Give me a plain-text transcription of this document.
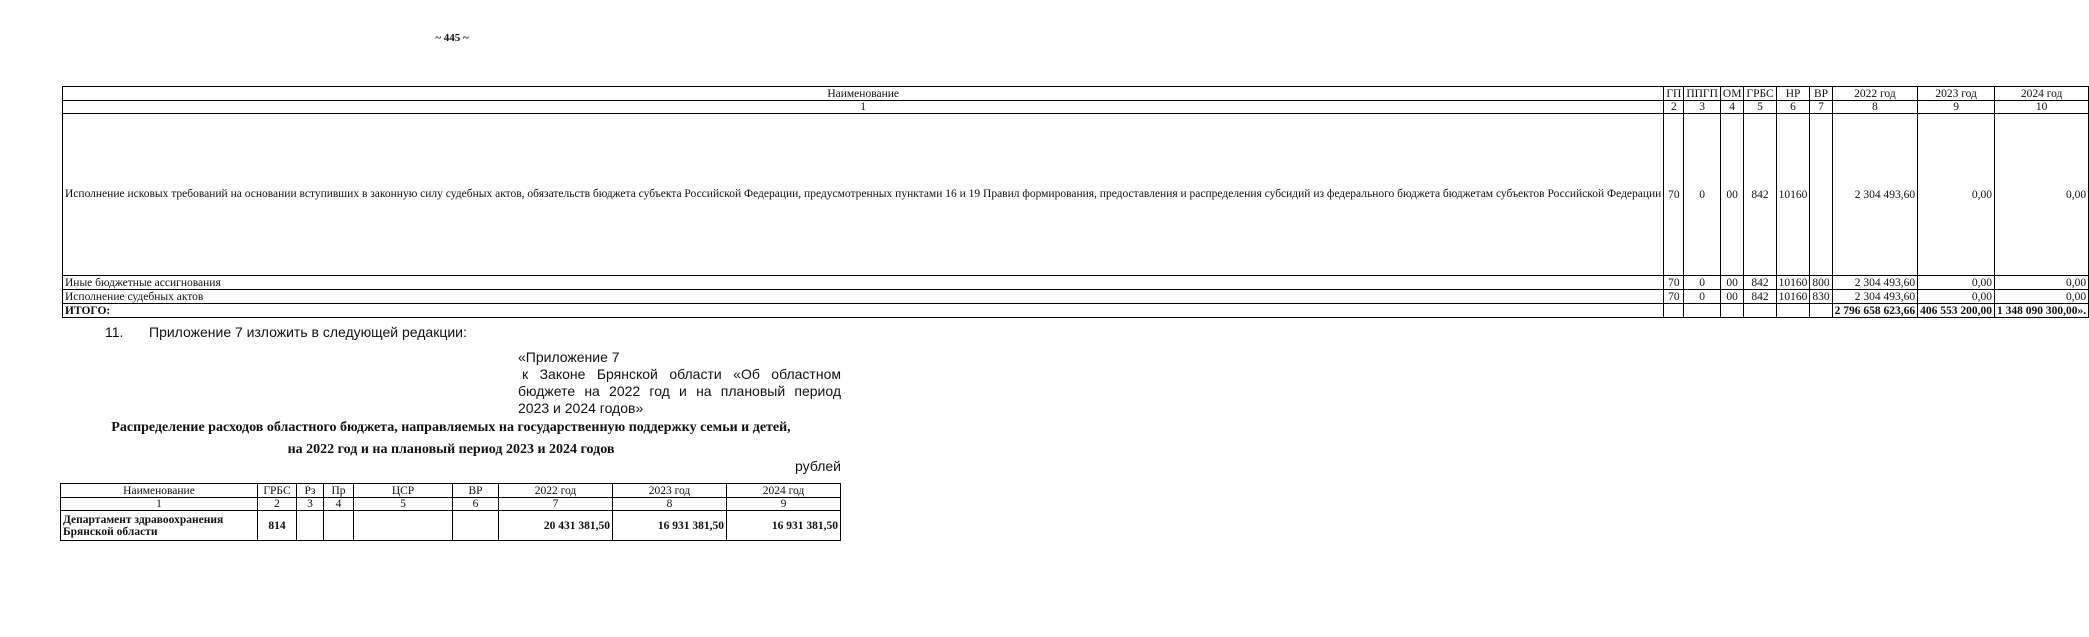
~ 445 ~
Наименование	ГП	ППГП	ОМ	ГРБС	НР	ВР	2022 год	2023 год	2024 год
1	2	3	4	5	6	7	8	9	10
Исполнение исковых требований на основании вступивших в законную силу судебных актов, обязательств бюджета субъекта Российской Федерации, предусмотренных пунктами 16 и 19 Правил формирования, предоставления и распределения субсидий из федерального бюджета бюджетам субъектов Российской Федерации	70	0	00	842	10160		2 304 493,60	0,00	0,00
Иные бюджетные ассигнования	70	0	00	842	10160	800	2 304 493,60	0,00	0,00
Исполнение судебных актов	70	0	00	842	10160	830	2 304 493,60	0,00	0,00
ИТОГО:							2 796 658 623,66	406 553 200,00	1 348 090 300,00».
11. Приложение 7 изложить в следующей редакции:
«Приложение 7
к Законе Брянской области «Об областном
бюджете на 2022 год и на плановый период
2023 и 2024 годов»
Распределение расходов областного бюджета, направляемых на государственную поддержку семьи и детей,
на 2022 год и на плановый период 2023 и 2024 годов
рублей
Наименование	ГРБС	Рз	Пр	ЦСР	ВР	2022 год	2023 год	2024 год
1	2	3	4	5	6	7	8	9
Департамент здравоохранения Брянской области	814					20 431 381,50	16 931 381,50	16 931 381,50
